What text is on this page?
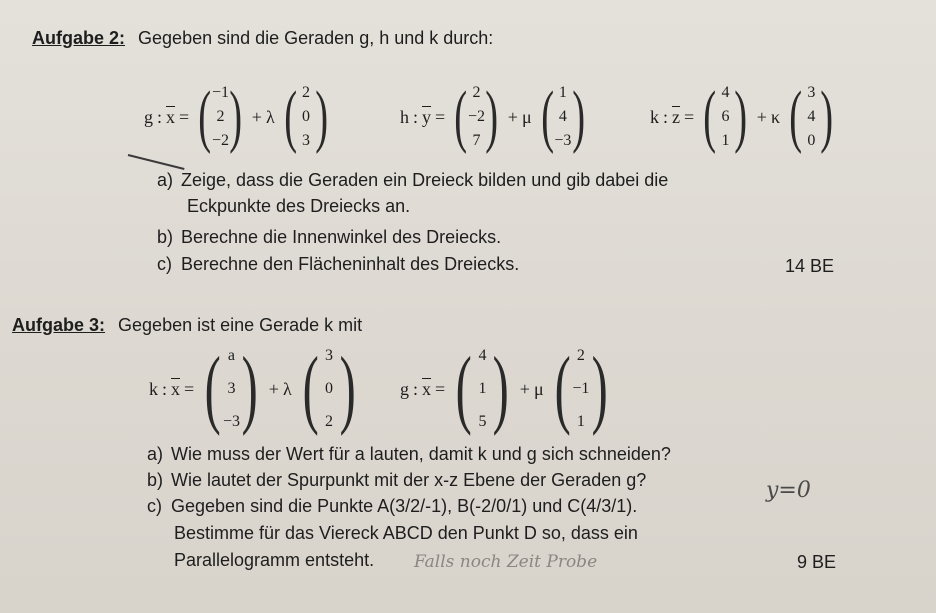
Aufgabe 2: Gegeben sind die Geraden g, h und k durch:
g : $\overline{x}$ = ( −1
2
−2 ) + λ ( 2
0
3 )	h : $\overline{y}$ = ( 2
−2
7 ) + μ ( 1
4
−3 )	k : $\overline{z}$ = ( 4
6
1 ) + κ ( 3
4
0 )
a) Zeige, dass die Geraden ein Dreieck bilden und gib dabei die
Eckpunkte des Dreiecks an.
b) Berechne die Innenwinkel des Dreiecks.
c) Berechne den Flächeninhalt des Dreiecks.	14 BE
Aufgabe 3: Gegeben ist eine Gerade k mit
k : $\overline{x}$ = ( a
3
−3 ) + λ ( 3
0
2 ) g : $\overline{x}$ = ( 4
1
5 ) + μ ( 2
−1
1 )
a) Wie muss der Wert für a lauten, damit k und g sich schneiden?
b) Wie lautet der Spurpunkt mit der x-z Ebene der Geraden g?	y=0
c) Gegeben sind die Punkte A(3/2/-1), B(-2/0/1) und C(4/3/1).
Bestimme für das Viereck ABCD den Punkt D so, dass ein
Parallelogramm entsteht. Falls noch Zeit Probe	9 BE
